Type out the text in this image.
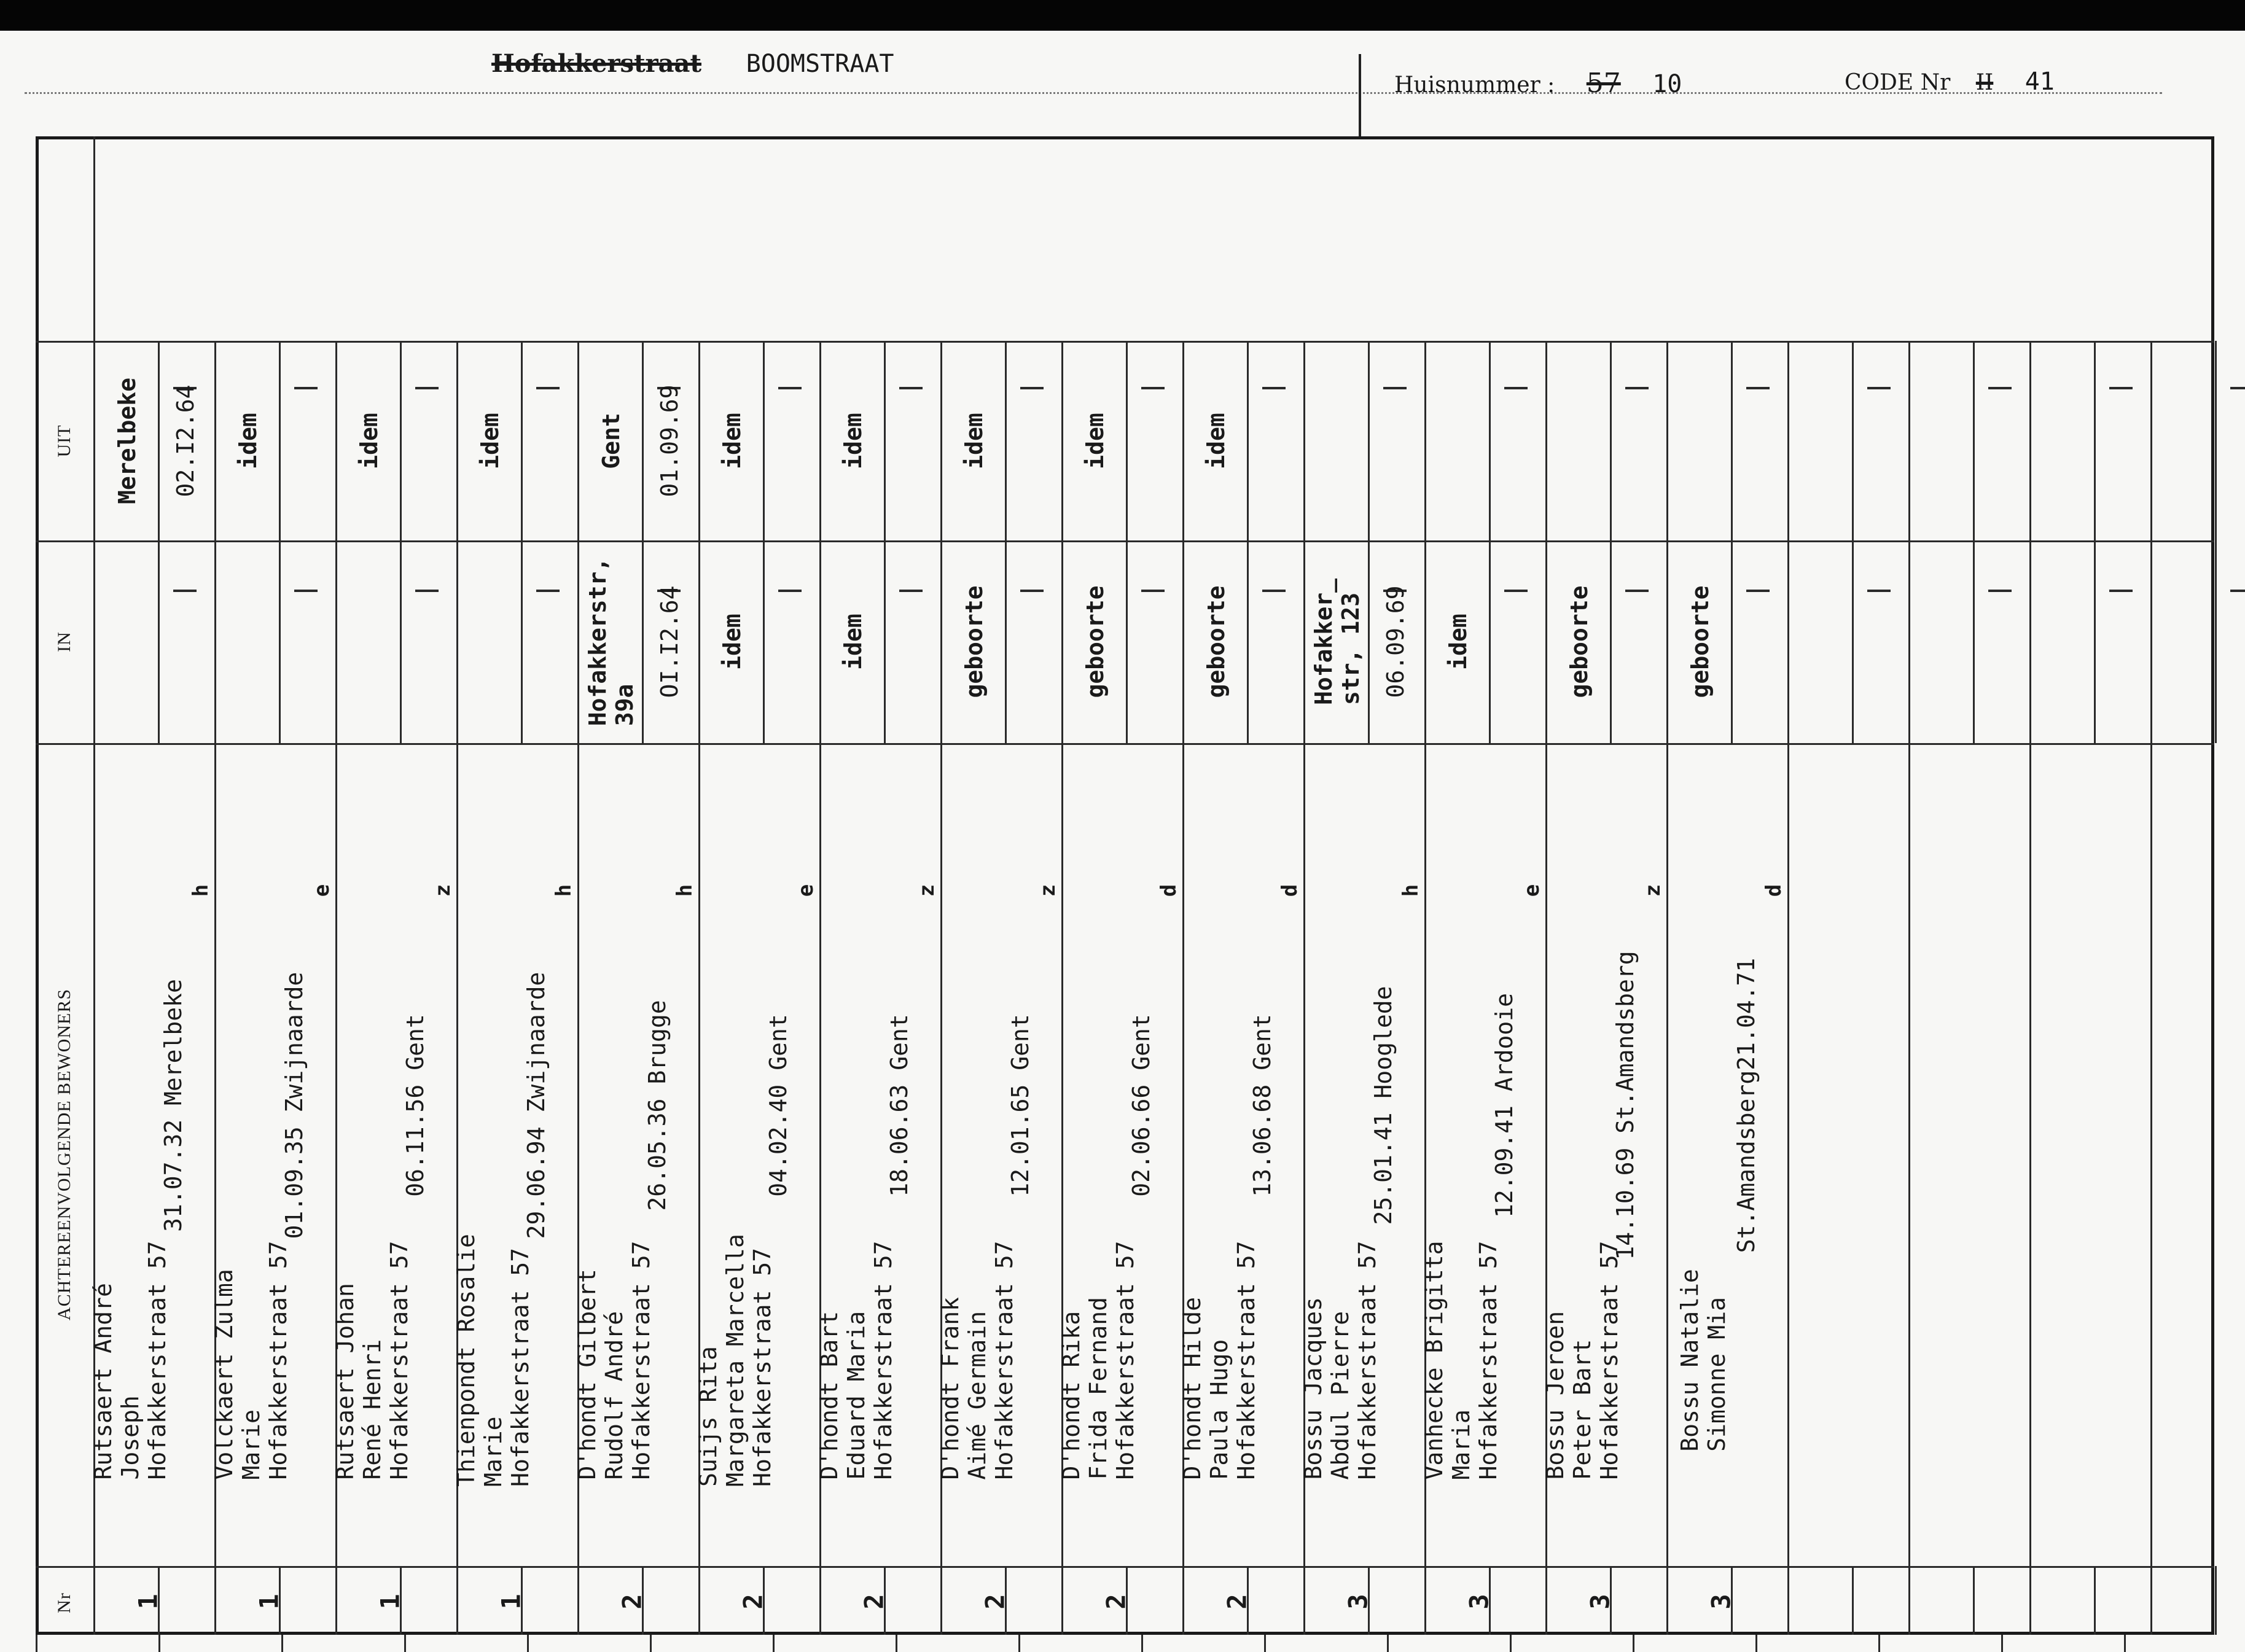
Hofakkerstraat BOOMSTRAAT
Huisnummer : 57 10	CODE Nr II 41
Nr
ACHTEREENVOLGENDE BEWONERS
IN
UIT
1
Rutsaert André
Joseph
Hofakkerstraat 57
31.07.32 Merelbeke
h
Merelbeke 02.I2.64
1
Volckaert Zulma
Marie
Hofakkerstraat 57
01.09.35 Zwijnaarde
e
idem
1
Rutsaert Johan
René Henri
Hofakkerstraat 57
06.11.56 Gent
z
idem
1
Thienpondt Rosalie
Marie
Hofakkerstraat 57
29.06.94 Zwijnaarde
h
idem
2
D'hondt Gilbert
Rudolf André
Hofakkerstraat 57
26.05.36 Brugge
h
Hofakkerstr,
39a
OI.I2.64
Gent 01.09.69
2
Suijs Rita
Margareta Marcella
Hofakkerstraat 57
04.02.40 Gent
e
idem
idem
2
D'hondt Bart
Eduard Maria
Hofakkerstraat 57
18.06.63 Gent
z
idem
idem
2
D'hondt Frank
Aimé Germain
Hofakkerstraat 57
12.01.65 Gent
z
geboorte
idem
2
D'hondt Rika
Frida Fernand
Hofakkerstraat 57
02.06.66 Gent
d
geboorte
idem
2
D'hondt Hilde
Paula Hugo
Hofakkerstraat 57
13.06.68 Gent
d
geboorte
idem
3
Bossu Jacques
Abdul Pierre
Hofakkerstraat 57
25.01.41 Hooglede
h
Hofakker_
str, 123 06.09.69
3
Vanhecke Brigitta
Maria
Hofakkerstraat 57
12.09.41 Ardooie
e
idem
3
Bossu Jeroen
Peter Bart
Hofakkerstraat 57
14.10.69 St.Amandsberg
z
geboorte
3
Bossu Natalie
Simonne Mia
St.Amandsberg21.04.71
d
geboorte
